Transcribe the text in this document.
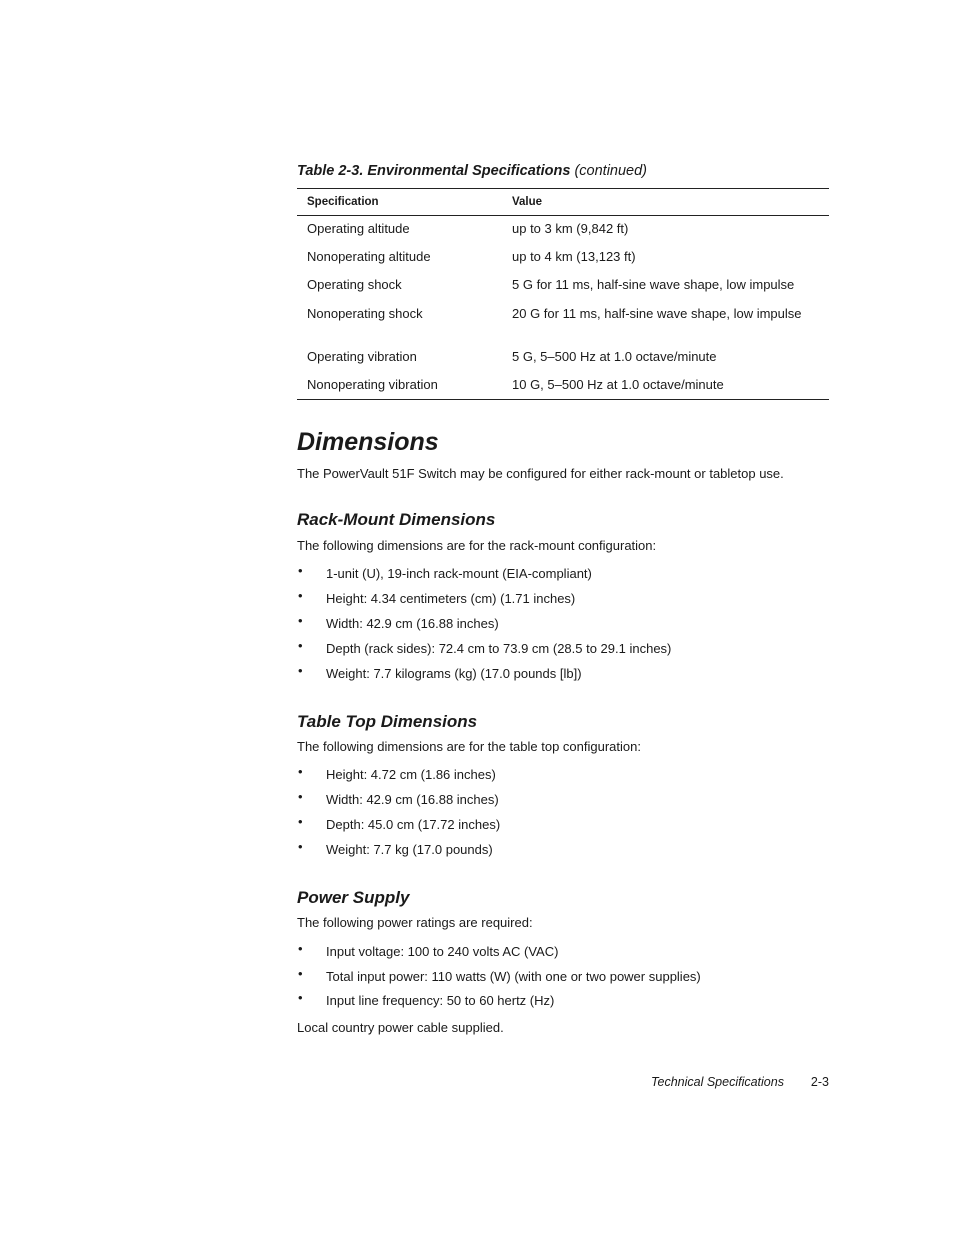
Table 2-3. Environmental Specifications (continued)
Specification	Value
Operating altitude	up to 3 km (9,842 ft)
Nonoperating altitude	up to 4 km (13,123 ft)
Operating shock	5 G for 11 ms, half-sine wave shape, low impulse
Nonoperating shock	20 G for 11 ms, half-sine wave shape, low impulse
Operating vibration	5 G, 5–500 Hz at 1.0 octave/minute
Nonoperating vibration	10 G, 5–500 Hz at 1.0 octave/minute
Dimensions

The PowerVault 51F Switch may be configured for either rack-mount or tabletop use.

Rack-Mount Dimensions

The following dimensions are for the rack-mount configuration:

• 1-unit (U), 19-inch rack-mount (EIA-compliant)
• Height: 4.34 centimeters (cm) (1.71 inches)
• Width: 42.9 cm (16.88 inches)
• Depth (rack sides): 72.4 cm to 73.9 cm (28.5 to 29.1 inches)
• Weight: 7.7 kilograms (kg) (17.0 pounds [lb])
Table Top Dimensions

The following dimensions are for the table top configuration:

• Height: 4.72 cm (1.86 inches)
• Width: 42.9 cm (16.88 inches)
• Depth: 45.0 cm (17.72 inches)
• Weight: 7.7 kg (17.0 pounds)
Power Supply

The following power ratings are required:

• Input voltage: 100 to 240 volts AC (VAC)
• Total input power: 110 watts (W) (with one or two power supplies)
• Input line frequency: 50 to 60 hertz (Hz)

Local country power cable supplied.

Technical Specifications 2-3
